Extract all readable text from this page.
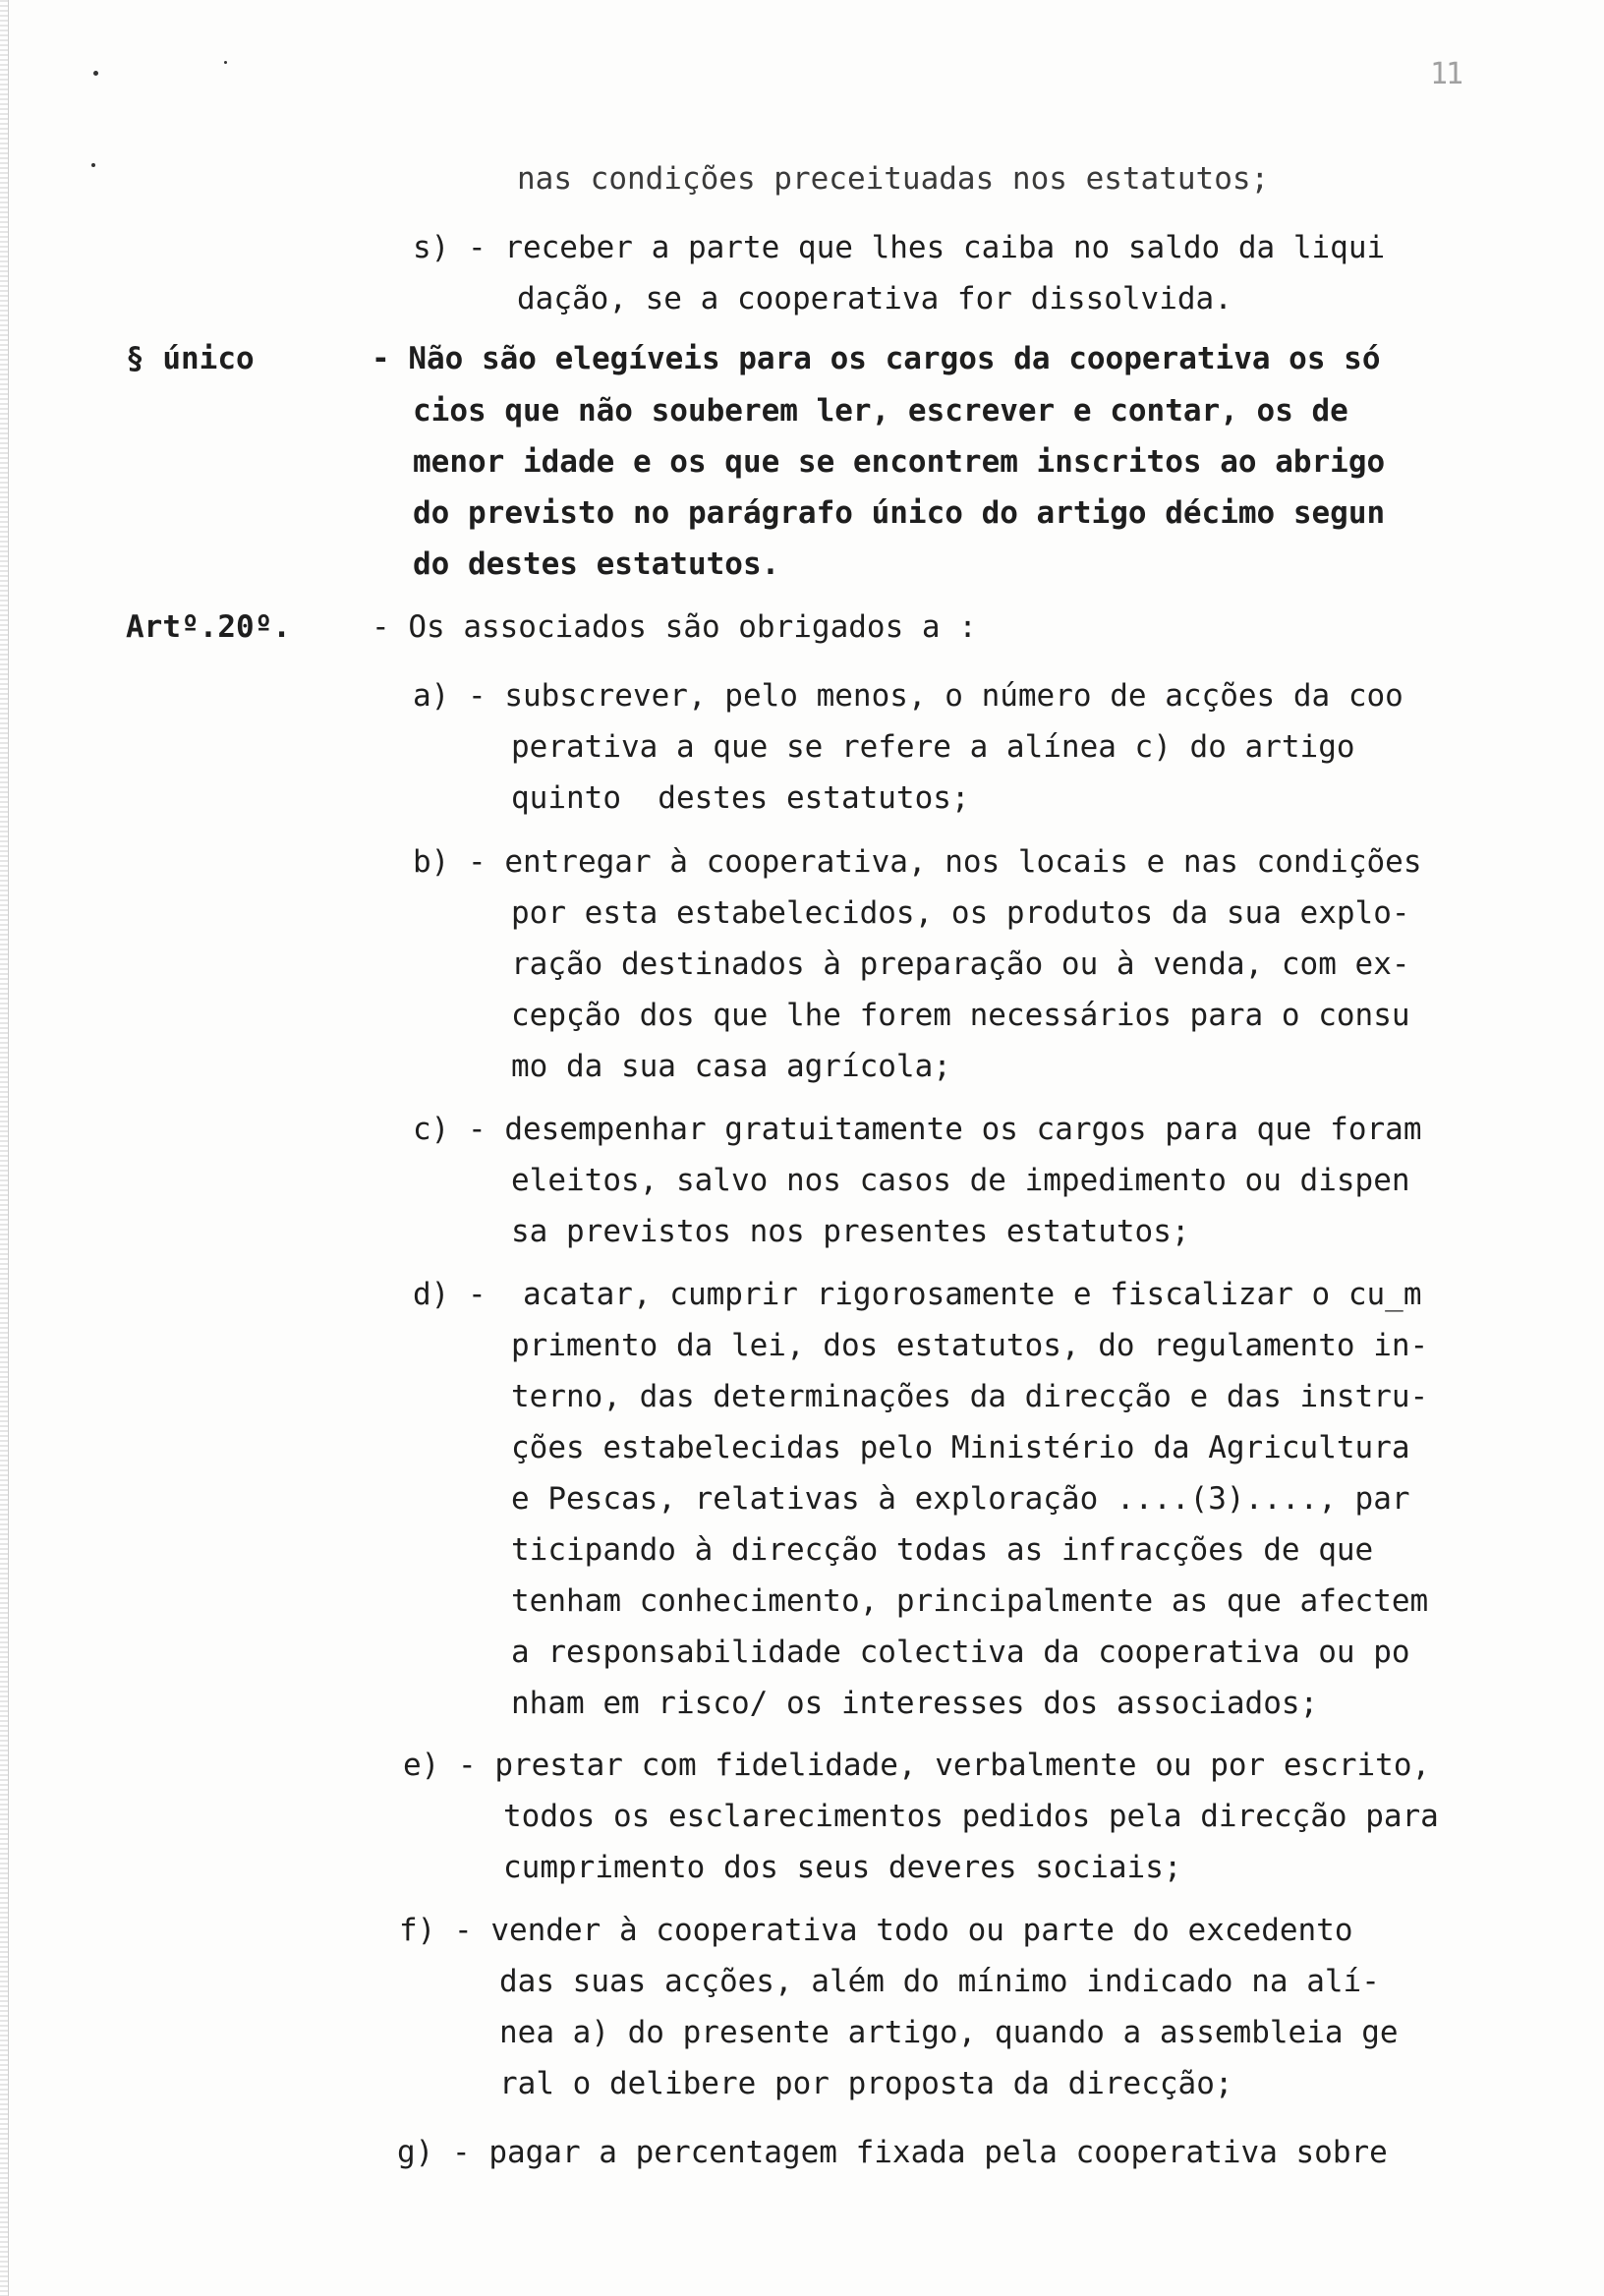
11
nas condições preceituadas nos estatutos;
s) - receber a parte que lhes caiba no saldo da liqui
dação, se a cooperativa for dissolvida.
§ único	- Não são elegíveis para os cargos da cooperativa os só
cios que não souberem ler, escrever e contar, os de
menor idade e os que se encontrem inscritos ao abrigo
do previsto no parágrafo único do artigo décimo segun
do destes estatutos.
Artº.20º.	- Os associados são obrigados a :
a) - subscrever, pelo menos, o número de acções da coo
perativa a que se refere a alínea c) do artigo
quinto  destes estatutos;
b) - entregar à cooperativa, nos locais e nas condições
por esta estabelecidos, os produtos da sua explo-
ração destinados à preparação ou à venda, com ex-
cepção dos que lhe forem necessários para o consu
mo da sua casa agrícola;
c) - desempenhar gratuitamente os cargos para que foram
eleitos, salvo nos casos de impedimento ou dispen
sa previstos nos presentes estatutos;
d) -  acatar, cumprir rigorosamente e fiscalizar o cu_m
primento da lei, dos estatutos, do regulamento in-
terno, das determinações da direcção e das instru-
ções estabelecidas pelo Ministério da Agricultura
e Pescas, relativas à exploração ....(3)...., par
ticipando à direcção todas as infracções de que
tenham conhecimento, principalmente as que afectem
a responsabilidade colectiva da cooperativa ou po
nham em risco/ os interesses dos associados;
e) - prestar com fidelidade, verbalmente ou por escrito,
todos os esclarecimentos pedidos pela direcção para
cumprimento dos seus deveres sociais;
f) - vender à cooperativa todo ou parte do excedento
das suas acções, além do mínimo indicado na alí-
nea a) do presente artigo, quando a assembleia ge
ral o delibere por proposta da direcção;
g) - pagar a percentagem fixada pela cooperativa sobre
